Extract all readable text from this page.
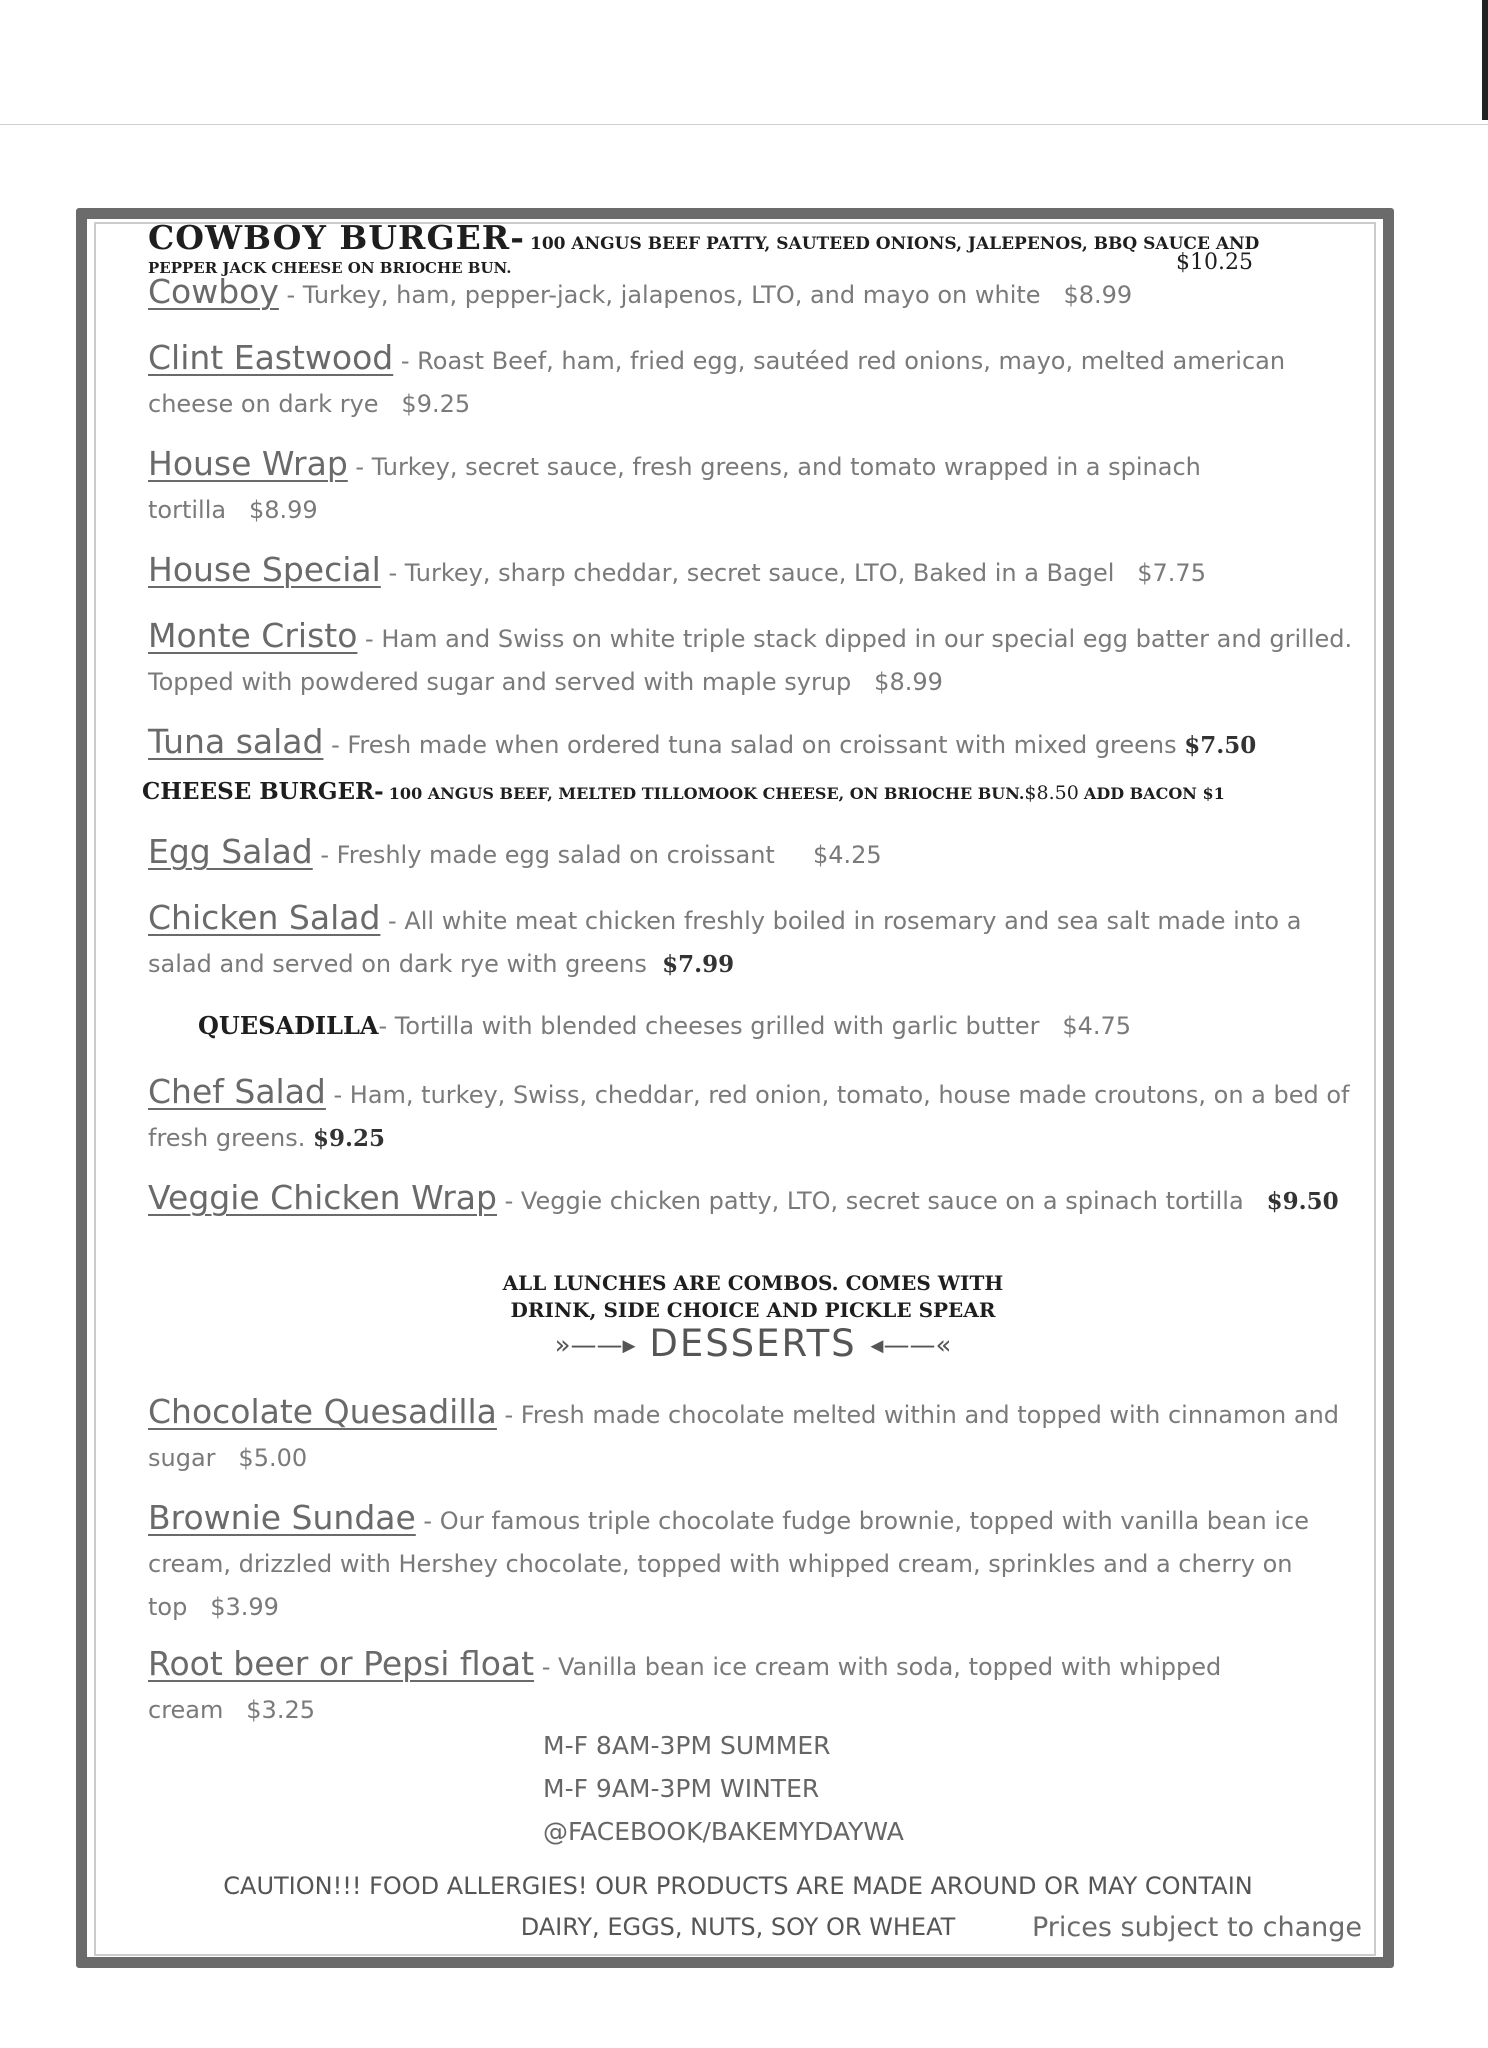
COWBOY BURGER- 100 ANGUS BEEF PATTY, SAUTEED ONIONS, JALEPENOS, BBQ SAUCE AND
PEPPER JACK CHEESE ON BRIOCHE BUN.	$10.25
Cowboy - Turkey, ham, pepper-jack, jalapenos, LTO, and mayo on white $8.99
Clint Eastwood - Roast Beef, ham, fried egg, sautéed red onions, mayo, melted american cheese on dark rye $9.25
House Wrap - Turkey, secret sauce, fresh greens, and tomato wrapped in a spinach tortilla $8.99
House Special - Turkey, sharp cheddar, secret sauce, LTO, Baked in a Bagel $7.75
Monte Cristo - Ham and Swiss on white triple stack dipped in our special egg batter and grilled. Topped with powdered sugar and served with maple syrup $8.99
Tuna salad - Fresh made when ordered tuna salad on croissant with mixed greens $7.50
CHEESE BURGER- 100 ANGUS BEEF, MELTED TILLOMOOK CHEESE, ON BRIOCHE BUN.$8.50 ADD BACON $1
Egg Salad - Freshly made egg salad on croissant $4.25
Chicken Salad - All white meat chicken freshly boiled in rosemary and sea salt made into a salad and served on dark rye with greens $7.99
QUESADILLA- Tortilla with blended cheeses grilled with garlic butter $4.75
Chef Salad - Ham, turkey, Swiss, cheddar, red onion, tomato, house made croutons, on a bed of fresh greens. $9.25
Veggie Chicken Wrap - Veggie chicken patty, LTO, secret sauce on a spinach tortilla $9.50
ALL LUNCHES ARE COMBOS. COMES WITH
DRINK, SIDE CHOICE AND PICKLE SPEAR
»——▸ DESSERTS ◂——«
Chocolate Quesadilla - Fresh made chocolate melted within and topped with cinnamon and sugar $5.00
Brownie Sundae - Our famous triple chocolate fudge brownie, topped with vanilla bean ice cream, drizzled with Hershey chocolate, topped with whipped cream, sprinkles and a cherry on top $3.99
Root beer or Pepsi float - Vanilla bean ice cream with soda, topped with whipped cream $3.25
M-F 8AM-3PM SUMMER
M-F 9AM-3PM WINTER
@FACEBOOK/BAKEMYDAYWA
CAUTION!!! FOOD ALLERGIES! OUR PRODUCTS ARE MADE AROUND OR MAY CONTAIN
DAIRY, EGGS, NUTS, SOY OR WHEAT	Prices subject to change
